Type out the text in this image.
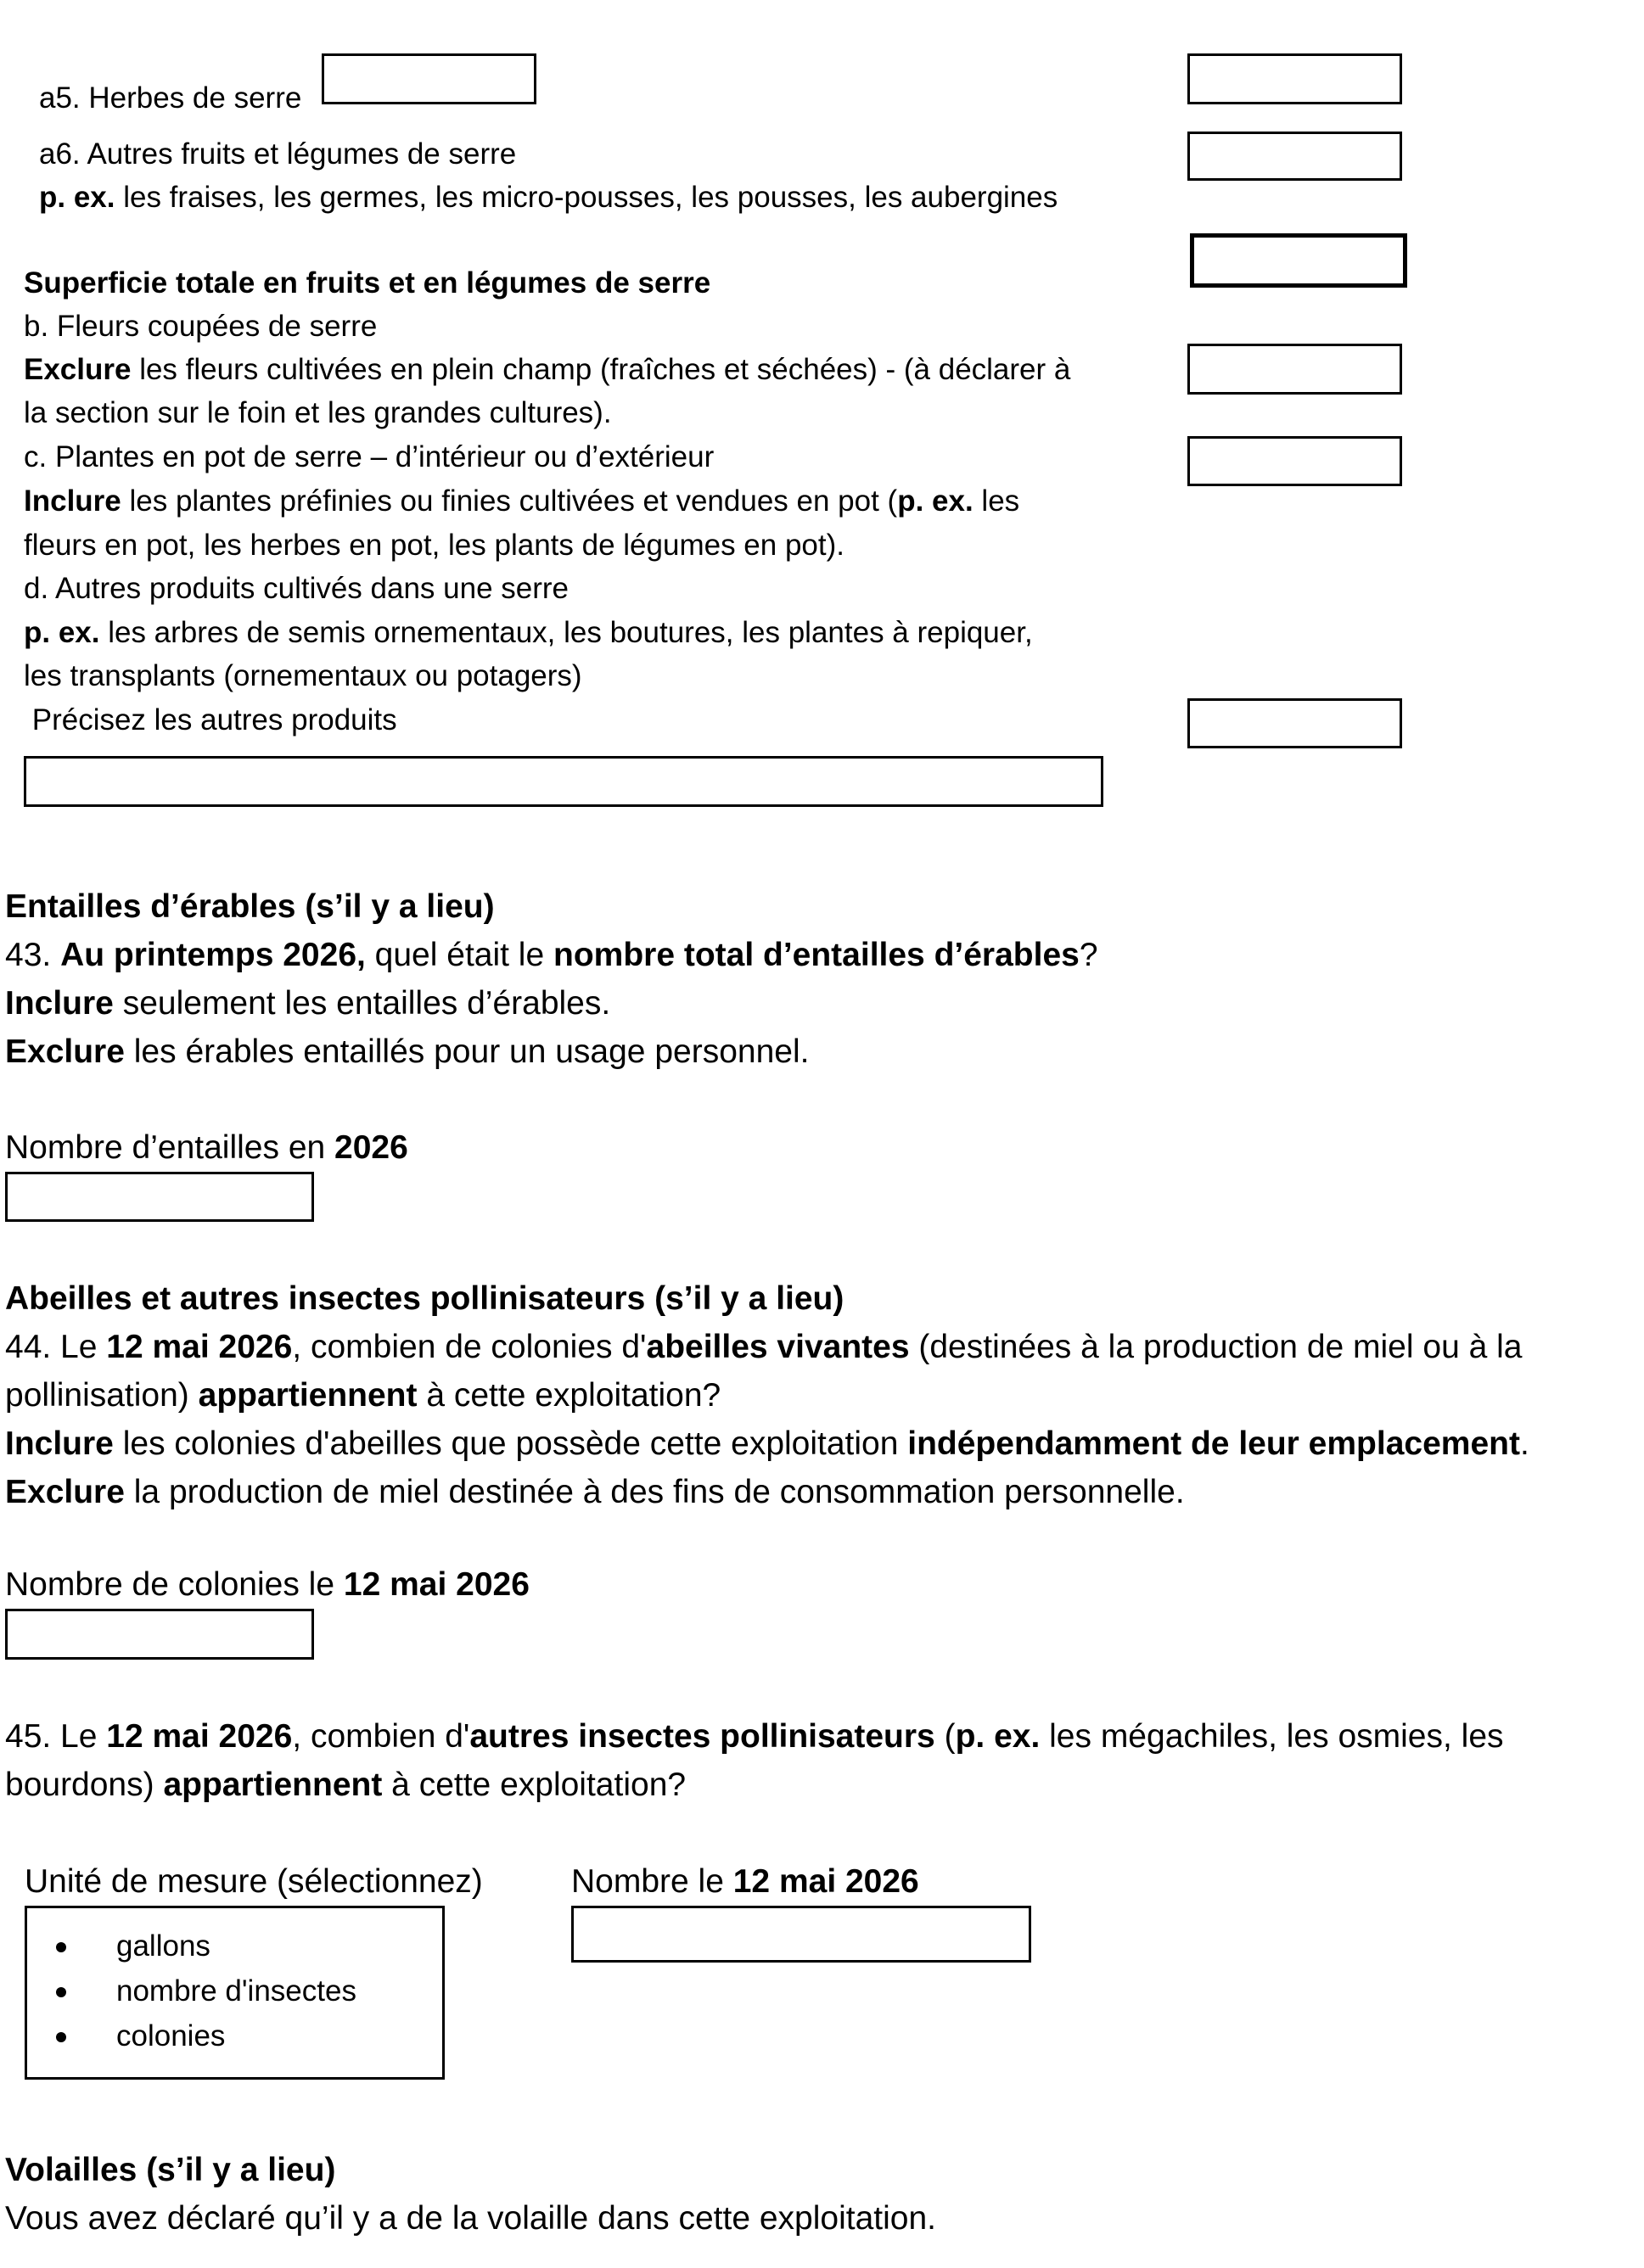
a5. Herbes de serre
a6. Autres fruits et légumes de serre
p. ex. les fraises, les germes, les micro-pousses, les pousses, les aubergines
Superficie totale en fruits et en légumes de serre
b. Fleurs coupées de serre
Exclure les fleurs cultivées en plein champ (fraîches et séchées) - (à déclarer à
la section sur le foin et les grandes cultures).
c. Plantes en pot de serre – d’intérieur ou d’extérieur
Inclure les plantes préfinies ou finies cultivées et vendues en pot (p. ex. les
fleurs en pot, les herbes en pot, les plants de légumes en pot).
d. Autres produits cultivés dans une serre
p. ex. les arbres de semis ornementaux, les boutures, les plantes à repiquer,
les transplants (ornementaux ou potagers)
Précisez les autres produits
Entailles d’érables (s’il y a lieu)
43. Au printemps 2026, quel était le nombre total d’entailles d’érables?
Inclure seulement les entailles d’érables.
Exclure les érables entaillés pour un usage personnel.
Nombre d’entailles en 2026
Abeilles et autres insectes pollinisateurs (s’il y a lieu)
44. Le 12 mai 2026, combien de colonies d'abeilles vivantes (destinées à la production de miel ou à la
pollinisation) appartiennent à cette exploitation?
Inclure les colonies d'abeilles que possède cette exploitation indépendamment de leur emplacement.
Exclure la production de miel destinée à des fins de consommation personnelle.
Nombre de colonies le 12 mai 2026
45. Le 12 mai 2026, combien d'autres insectes pollinisateurs (p. ex. les mégachiles, les osmies, les
bourdons) appartiennent à cette exploitation?
Unité de mesure (sélectionnez)	Nombre le 12 mai 2026
gallons
nombre d'insectes
colonies
Volailles (s’il y a lieu)
Vous avez déclaré qu’il y a de la volaille dans cette exploitation.
